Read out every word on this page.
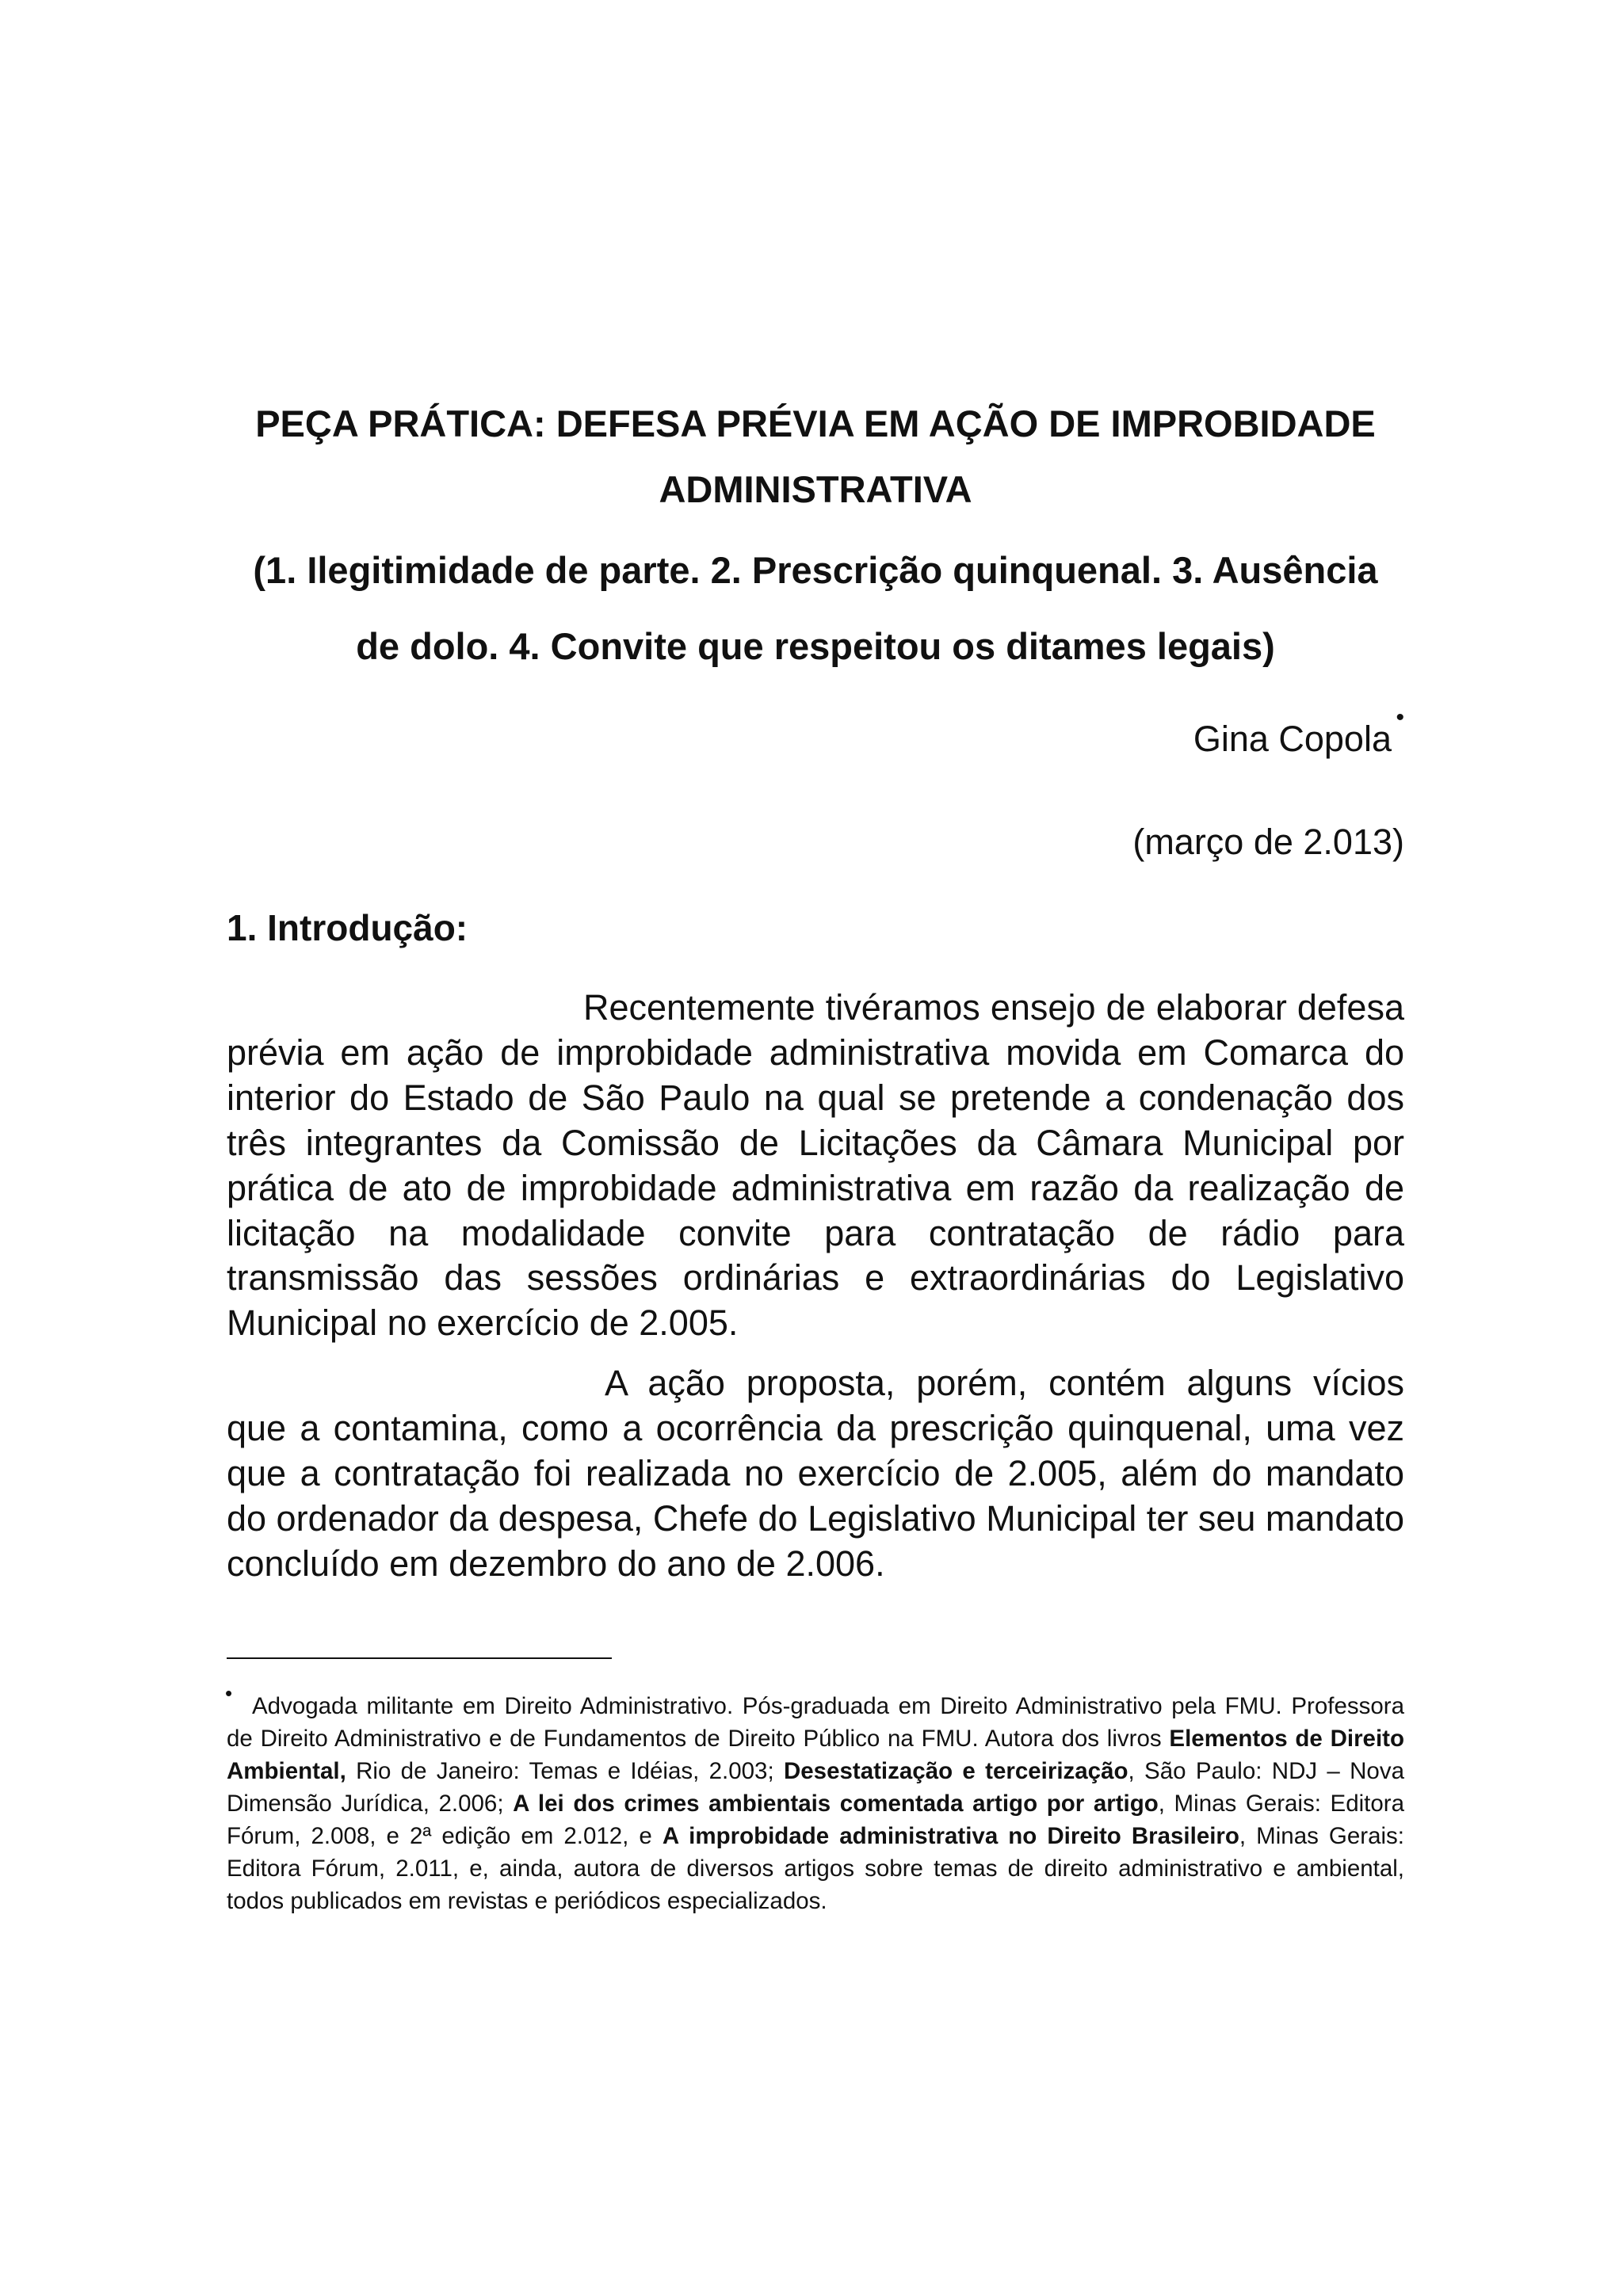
PEÇA PRÁTICA: DEFESA PRÉVIA EM AÇÃO DE IMPROBIDADE
ADMINISTRATIVA
(1. Ilegitimidade de parte. 2. Prescrição quinquenal. 3. Ausência
de dolo. 4. Convite que respeitou os ditames legais)
Gina Copola
•
(março de 2.013)
1. Introdução:

Recentemente tivéramos ensejo de elaborar defesa prévia em ação de improbidade administrativa movida em Comarca do interior do Estado de São Paulo na qual se pretende a condenação dos três integrantes da Comissão de Licitações da Câmara Municipal por prática de ato de improbidade administrativa em razão da realização de licitação na modalidade convite para contratação de rádio para transmissão das sessões ordinárias e extraordinárias do Legislativo Municipal no exercício de 2.005.

A ação proposta, porém, contém alguns vícios que a contamina, como a ocorrência da prescrição quinquenal, uma vez que a contratação foi realizada no exercício de 2.005, além do mandato do ordenador da despesa, Chefe do Legislativo Municipal ter seu mandato concluído em dezembro do ano de 2.006.

• Advogada militante em Direito Administrativo. Pós-graduada em Direito Administrativo pela FMU. Professora de Direito Administrativo e de Fundamentos de Direito Público na FMU. Autora dos livros Elementos de Direito Ambiental, Rio de Janeiro: Temas e Idéias, 2.003; Desestatização e terceirização, São Paulo: NDJ – Nova Dimensão Jurídica, 2.006; A lei dos crimes ambientais comentada artigo por artigo, Minas Gerais: Editora Fórum, 2.008, e 2ª edição em 2.012, e A improbidade administrativa no Direito Brasileiro, Minas Gerais: Editora Fórum, 2.011, e, ainda, autora de diversos artigos sobre temas de direito administrativo e ambiental, todos publicados em revistas e periódicos especializados.
